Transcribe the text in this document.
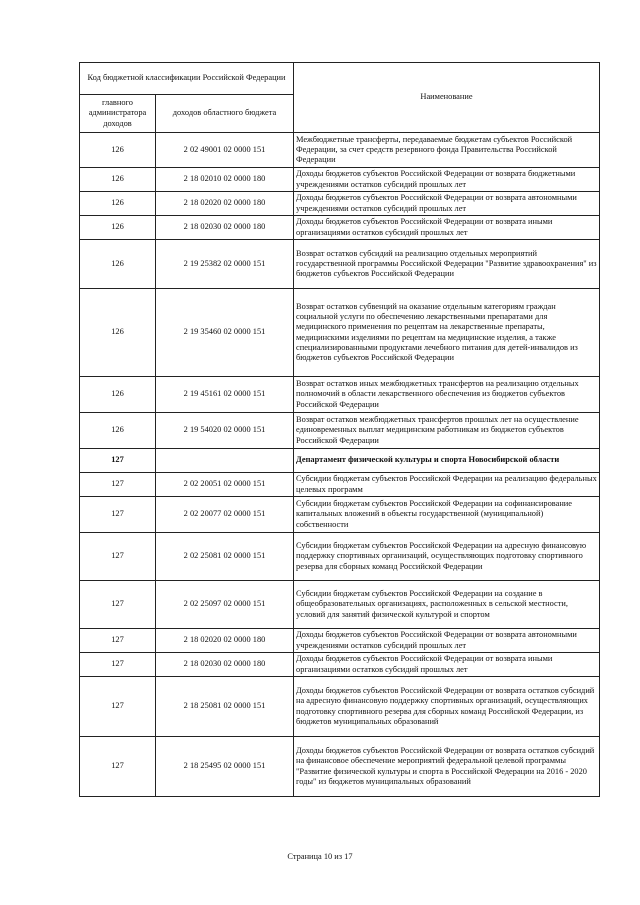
Код бюджетной классификации Российской Федерации		Наименование
главного администратора доходов	доходов областного бюджета	
126	2 02 49001 02 0000 151	Межбюджетные трансферты, передаваемые бюджетам субъектов Российской Федерации, за счет средств резервного фонда Правительства Российской Федерации
126	2 18 02010 02 0000 180	Доходы бюджетов субъектов Российской Федерации от возврата бюджетными учреждениями остатков субсидий прошлых лет
126	2 18 02020 02 0000 180	Доходы бюджетов субъектов Российской Федерации от возврата автономными учреждениями остатков субсидий прошлых лет
126	2 18 02030 02 0000 180	Доходы бюджетов субъектов Российской Федерации от возврата иными организациями остатков субсидий прошлых лет
126	2 19 25382 02 0000 151	Возврат остатков субсидий на реализацию отдельных мероприятий государственной программы Российской Федерации "Развитие здравоохранения" из бюджетов субъектов Российской Федерации
126	2 19 35460 02 0000 151	Возврат остатков субвенций на оказание отдельным категориям граждан социальной услуги по обеспечению лекарственными препаратами для медицинского применения по рецептам на лекарственные препараты, медицинскими изделиями по рецептам на медицинские изделия, а также специализированными продуктами лечебного питания для детей-инвалидов из бюджетов субъектов Российской Федерации
126	2 19 45161 02 0000 151	Возврат остатков иных межбюджетных трансфертов на реализацию отдельных полномочий в области лекарственного обеспечения из бюджетов субъектов Российской Федерации
126	2 19 54020 02 0000 151	Возврат остатков межбюджетных трансфертов прошлых лет на осуществление единовременных выплат медицинским работникам из бюджетов субъектов Российской Федерации
127		Департамент физической культуры и спорта Новосибирской области
127	2 02 20051 02 0000 151	Субсидии бюджетам субъектов Российской Федерации на реализацию федеральных целевых программ
127	2 02 20077 02 0000 151	Субсидии бюджетам субъектов Российской Федерации на софинансирование капитальных вложений в объекты государственной (муниципальной) собственности
127	2 02 25081 02 0000 151	Субсидии бюджетам субъектов Российской Федерации на адресную финансовую поддержку спортивных организаций, осуществляющих подготовку спортивного резерва для сборных команд Российской Федерации
127	2 02 25097 02 0000 151	Субсидии бюджетам субъектов Российской Федерации на создание в общеобразовательных организациях, расположенных в сельской местности, условий для занятий физической культурой и спортом
127	2 18 02020 02 0000 180	Доходы бюджетов субъектов Российской Федерации от возврата автономными учреждениями остатков субсидий прошлых лет
127	2 18 02030 02 0000 180	Доходы бюджетов субъектов Российской Федерации от возврата иными организациями остатков субсидий прошлых лет
127	2 18 25081 02 0000 151	Доходы бюджетов субъектов Российской Федерации от возврата остатков субсидий на адресную финансовую поддержку спортивных организаций, осуществляющих подготовку спортивного резерва для сборных команд Российской Федерации, из бюджетов муниципальных образований
127	2 18 25495 02 0000 151	Доходы бюджетов субъектов Российской Федерации от возврата остатков субсидий на финансовое обеспечение мероприятий федеральной целевой программы "Развитие физической культуры и спорта в Российской Федерации на 2016 - 2020 годы" из бюджетов муниципальных образований
Страница 10 из 17
